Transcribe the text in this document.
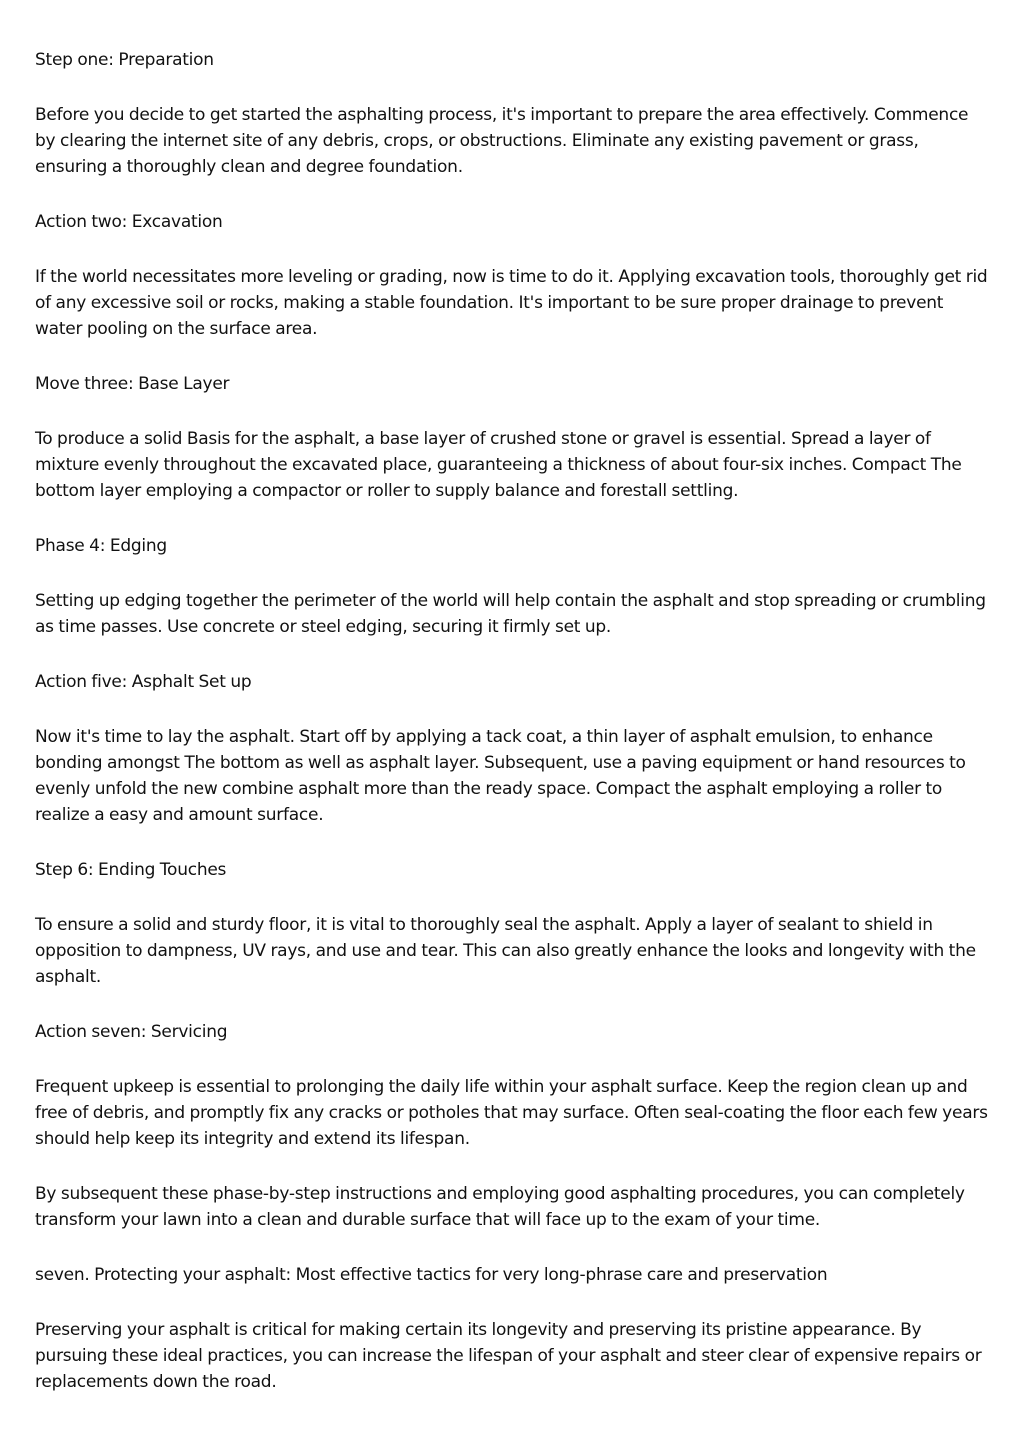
Step one: Preparation

Before you decide to get started the asphalting process, it's important to prepare the area effectively. Commence by clearing the internet site of any debris, crops, or obstructions. Eliminate any existing pavement or grass, ensuring a thoroughly clean and degree foundation.

Action two: Excavation

If the world necessitates more leveling or grading, now is time to do it. Applying excavation tools, thoroughly get rid of any excessive soil or rocks, making a stable foundation. It's important to be sure proper drainage to prevent water pooling on the surface area.

Move three: Base Layer

To produce a solid Basis for the asphalt, a base layer of crushed stone or gravel is essential. Spread a layer of mixture evenly throughout the excavated place, guaranteeing a thickness of about four-six inches. Compact The bottom layer employing a compactor or roller to supply balance and forestall settling.

Phase 4: Edging

Setting up edging together the perimeter of the world will help contain the asphalt and stop spreading or crumbling as time passes. Use concrete or steel edging, securing it firmly set up.

Action five: Asphalt Set up

Now it's time to lay the asphalt. Start off by applying a tack coat, a thin layer of asphalt emulsion, to enhance bonding amongst The bottom as well as asphalt layer. Subsequent, use a paving equipment or hand resources to evenly unfold the new combine asphalt more than the ready space. Compact the asphalt employing a roller to realize a easy and amount surface.

Step 6: Ending Touches

To ensure a solid and sturdy floor, it is vital to thoroughly seal the asphalt. Apply a layer of sealant to shield in opposition to dampness, UV rays, and use and tear. This can also greatly enhance the looks and longevity with the asphalt.

Action seven: Servicing

Frequent upkeep is essential to prolonging the daily life within your asphalt surface. Keep the region clean up and free of debris, and promptly fix any cracks or potholes that may surface. Often seal-coating the floor each few years should help keep its integrity and extend its lifespan.

By subsequent these phase-by-step instructions and employing good asphalting procedures, you can completely transform your lawn into a clean and durable surface that will face up to the exam of your time.

seven. Protecting your asphalt: Most effective tactics for very long-phrase care and preservation

Preserving your asphalt is critical for making certain its longevity and preserving its pristine appearance. By pursuing these ideal practices, you can increase the lifespan of your asphalt and steer clear of expensive repairs or replacements down the road.
